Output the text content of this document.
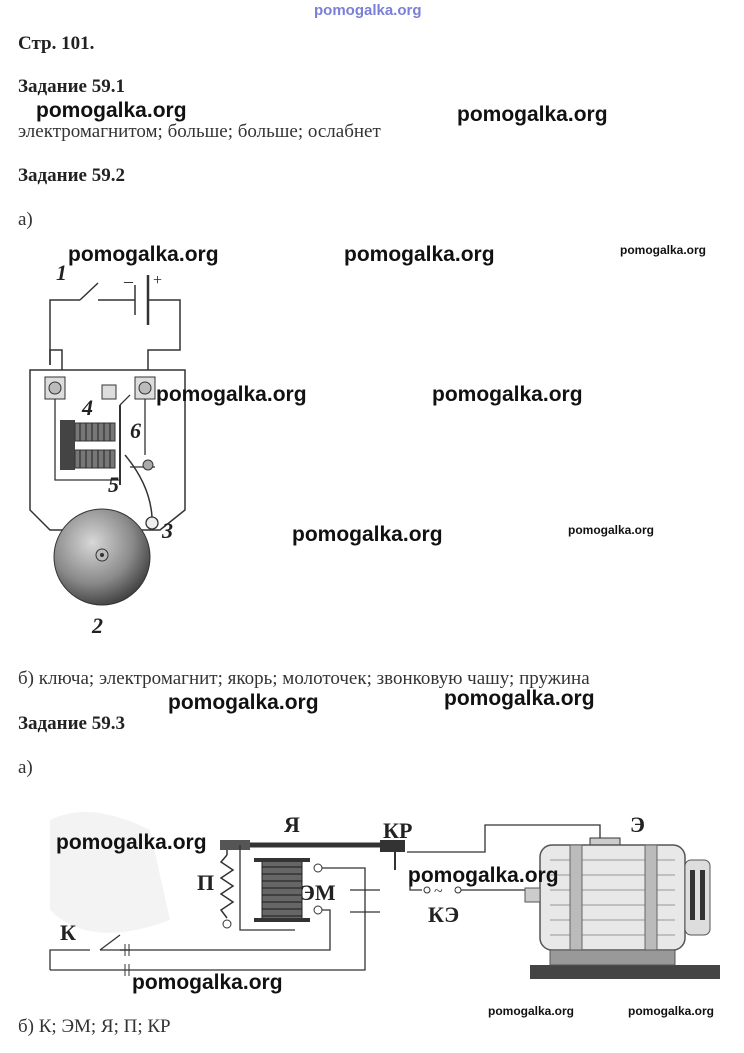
pomogalka.org
Стр. 101.
Задание 59.1
электромагнитом; больше; больше; ослабнет
Задание 59.2
а)
1	– +
4
6
5
3
2
б) ключа; электромагнит; якорь; молоточек; звонковую чашу; пружина
Задание 59.3
а)
~
Я	КР	Э
П	ЭМ
КЭ
К
б) К; ЭМ; Я; П; КР
pomogalka.org	pomogalka.org
pomogalka.org	pomogalka.org	pomogalka.org
pomogalka.org	pomogalka.org
pomogalka.org	pomogalka.org
pomogalka.org	pomogalka.org
pomogalka.org
pomogalka.org
pomogalka.org
pomogalka.org	pomogalka.org
